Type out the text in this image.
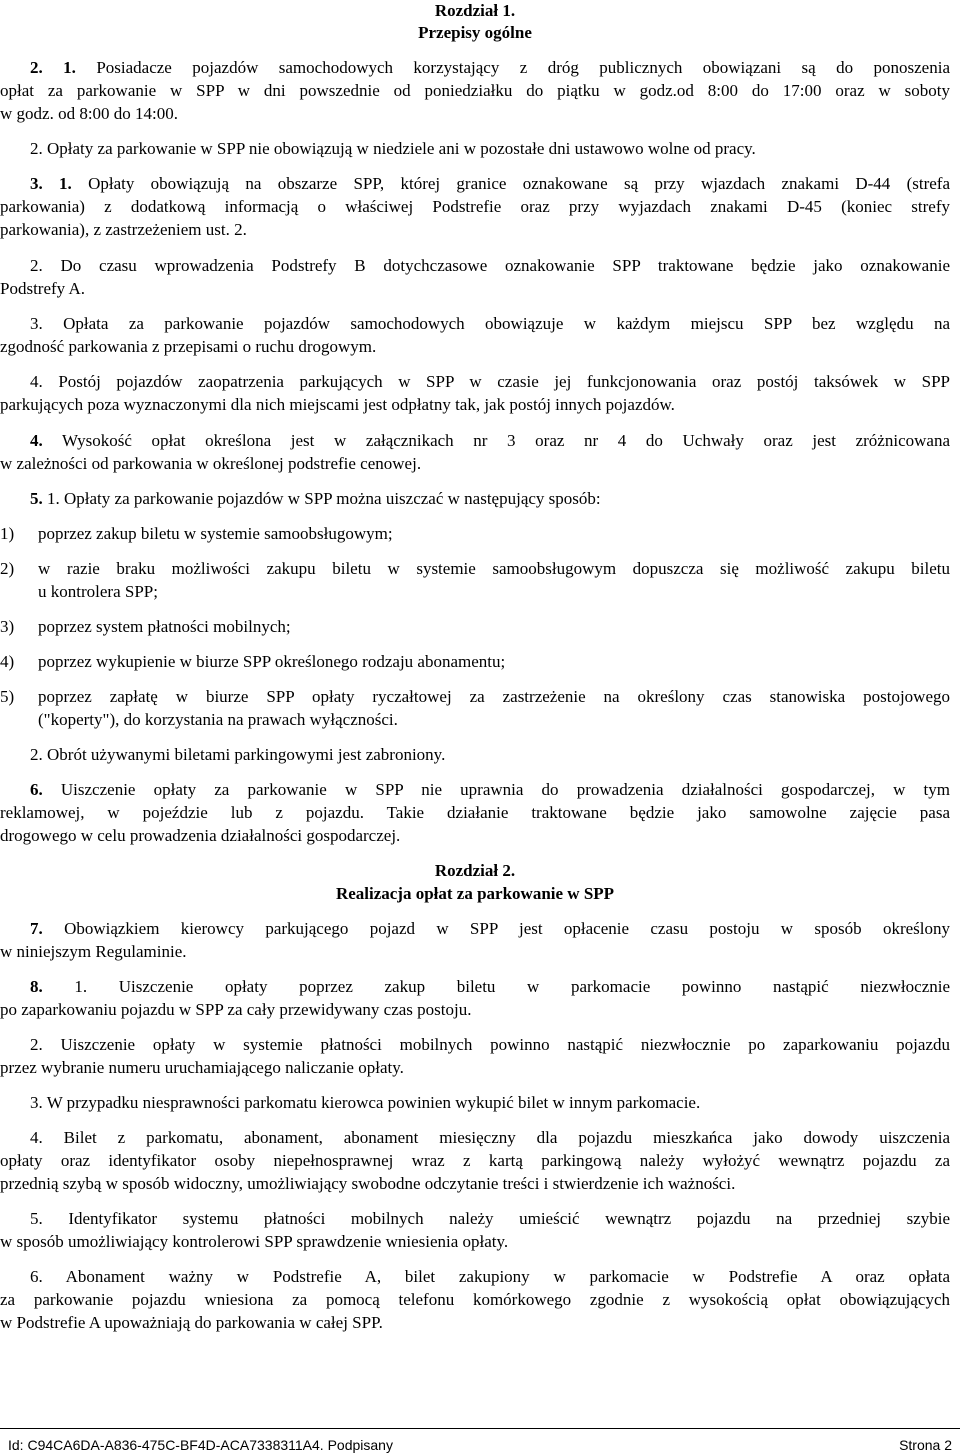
Rozdział 1.
Przepisy ogólne
2. 1. Posiadacze pojazdów samochodowych korzystający z dróg publicznych obowiązani są do ponoszenia
opłat za parkowanie w SPP w dni powszednie od poniedziałku do piątku w godz.od 8:00 do 17:00 oraz w soboty
w godz. od 8:00 do 14:00.
2. Opłaty za parkowanie w SPP nie obowiązują w niedziele ani w pozostałe dni ustawowo wolne od pracy.
3. 1. Opłaty obowiązują na obszarze SPP, której granice oznakowane są przy wjazdach znakami D-44 (strefa
parkowania) z dodatkową informacją o właściwej Podstrefie oraz przy wyjazdach znakami D-45 (koniec strefy
parkowania), z zastrzeżeniem ust. 2.
2. Do czasu wprowadzenia Podstrefy B dotychczasowe oznakowanie SPP traktowane będzie jako oznakowanie
Podstrefy A.
3. Opłata za parkowanie pojazdów samochodowych obowiązuje w każdym miejscu SPP bez względu na
zgodność parkowania z przepisami o ruchu drogowym.
4. Postój pojazdów zaopatrzenia parkujących w SPP w czasie jej funkcjonowania oraz postój taksówek w SPP
parkujących poza wyznaczonymi dla nich miejscami jest odpłatny tak, jak postój innych pojazdów.
4. Wysokość opłat określona jest w załącznikach nr 3 oraz nr 4 do Uchwały oraz jest zróżnicowana
w zależności od parkowania w określonej podstrefie cenowej.
5. 1. Opłaty za parkowanie pojazdów w SPP można uiszczać w następujący sposób:
1)	poprzez zakup biletu w systemie samoobsługowym;
2)	w razie braku możliwości zakupu biletu w systemie samoobsługowym dopuszcza się możliwość zakupu biletu
u kontrolera SPP;
3)	poprzez system płatności mobilnych;
4)	poprzez wykupienie w biurze SPP określonego rodzaju abonamentu;
5)	poprzez zapłatę w biurze SPP opłaty ryczałtowej za zastrzeżenie na określony czas stanowiska postojowego
("koperty"), do korzystania na prawach wyłączności.
2. Obrót używanymi biletami parkingowymi jest zabroniony.
6. Uiszczenie opłaty za parkowanie w SPP nie uprawnia do prowadzenia działalności gospodarczej, w tym
reklamowej, w pojeździe lub z pojazdu. Takie działanie traktowane będzie jako samowolne zajęcie pasa
drogowego w celu prowadzenia działalności gospodarczej.
Rozdział 2.
Realizacja opłat za parkowanie w SPP
7. Obowiązkiem kierowcy parkującego pojazd w SPP jest opłacenie czasu postoju w sposób określony
w niniejszym Regulaminie.
8. 1. Uiszczenie opłaty poprzez zakup biletu w parkomacie powinno nastąpić niezwłocznie
po zaparkowaniu pojazdu w SPP za cały przewidywany czas postoju.
2. Uiszczenie opłaty w systemie płatności mobilnych powinno nastąpić niezwłocznie po zaparkowaniu pojazdu
przez wybranie numeru uruchamiającego naliczanie opłaty.
3. W przypadku niesprawności parkomatu kierowca powinien wykupić bilet w innym parkomacie.
4. Bilet z parkomatu, abonament, abonament miesięczny dla pojazdu mieszkańca jako dowody uiszczenia
opłaty oraz identyfikator osoby niepełnosprawnej wraz z kartą parkingową należy wyłożyć wewnątrz pojazdu za
przednią szybą w sposób widoczny, umożliwiający swobodne odczytanie treści i stwierdzenie ich ważności.
5. Identyfikator systemu płatności mobilnych należy umieścić wewnątrz pojazdu na przedniej szybie
w sposób umożliwiający kontrolerowi SPP sprawdzenie wniesienia opłaty.
6. Abonament ważny w Podstrefie A, bilet zakupiony w parkomacie w Podstrefie A oraz opłata
za parkowanie pojazdu wniesiona za pomocą telefonu komórkowego zgodnie z wysokością opłat obowiązujących
w Podstrefie A upoważniają do parkowania w całej SPP.
Id: C94CA6DA-A836-475C-BF4D-ACA7338311A4. Podpisany	Strona 2
